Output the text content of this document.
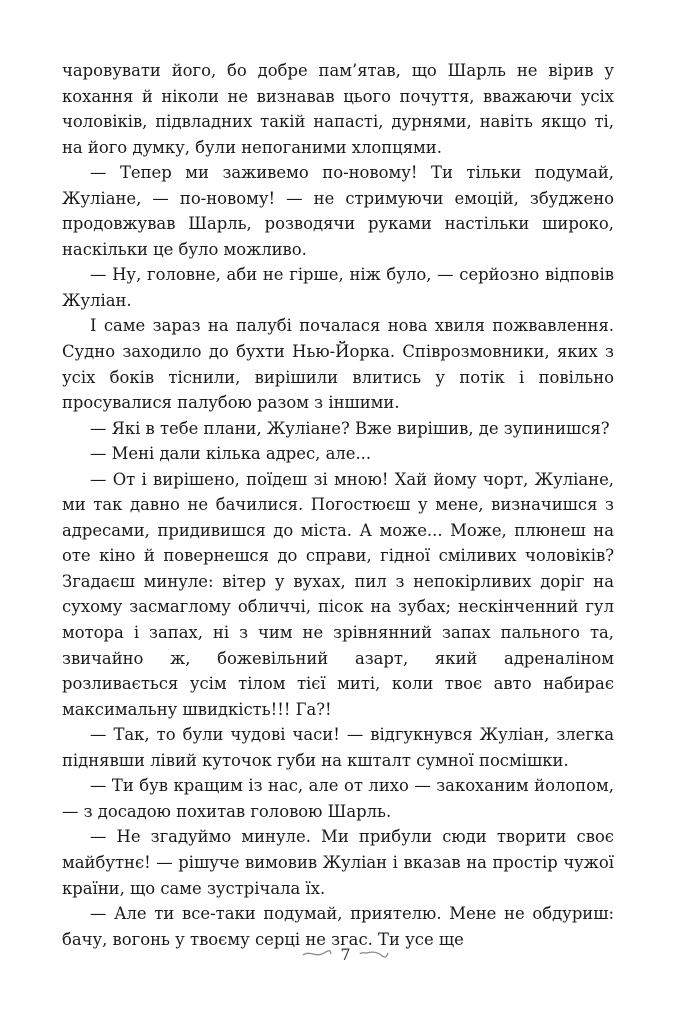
чаровувати його, бо добре пам’ятав, що Шарль не вірив у кохання й ніколи не визнавав цього почуття, вважаючи усіх чоловіків, підвладних такій напасті, дурнями, навіть якщо ті, на його думку, були непоганими хлопцями.

— Тепер ми заживемо по-новому! Ти тільки подумай, Жуліане, — по-новому! — не стримуючи емоцій, збуджено продовжував Шарль, розводячи руками настільки широко, наскільки це було можливо.

— Ну, головне, аби не гірше, ніж було, — серйозно відповів Жуліан.

І саме зараз на палубі почалася нова хвиля пожвавлення. Судно заходило до бухти Нью-Йорка. Співрозмовники, яких з усіх боків тіснили, вирішили влитись у потік і повільно просувалися палубою разом з іншими.

— Які в тебе плани, Жуліане? Вже вирішив, де зупинишся?

— Мені дали кілька адрес, але...

— От і вирішено, поїдеш зі мною! Хай йому чорт, Жуліане, ми так давно не бачилися. Погостюєш у мене, визначишся з адресами, придивишся до міста. А може... Може, плюнеш на оте кіно й повернешся до справи, гідної сміливих чоловіків? Згадаєш минуле: вітер у вухах, пил з непокірливих доріг на сухому засмаглому обличчі, пісок на зубах; нескінченний гул мотора і запах, ні з чим не зрівнянний запах пального та, звичайно ж, божевільний азарт, який адреналіном розливається усім тілом тієї миті, коли твоє авто набирає максимальну швидкість!!! Га?!

— Так, то були чудові часи! — відгукнувся Жуліан, злегка піднявши лівий куточок губи на кшталт сумної посмішки.

— Ти був кращим із нас, але от лихо — закоханим йолопом, — з досадою похитав головою Шарль.

— Не згадуймо минуле. Ми прибули сюди творити своє майбутнє! — рішуче вимовив Жуліан і вказав на простір чужої країни, що саме зустрічала їх.

— Але ти все-таки подумай, приятелю. Мене не обдуриш: бачу, вогонь у твоєму серці не згас. Ти усе ще

7
